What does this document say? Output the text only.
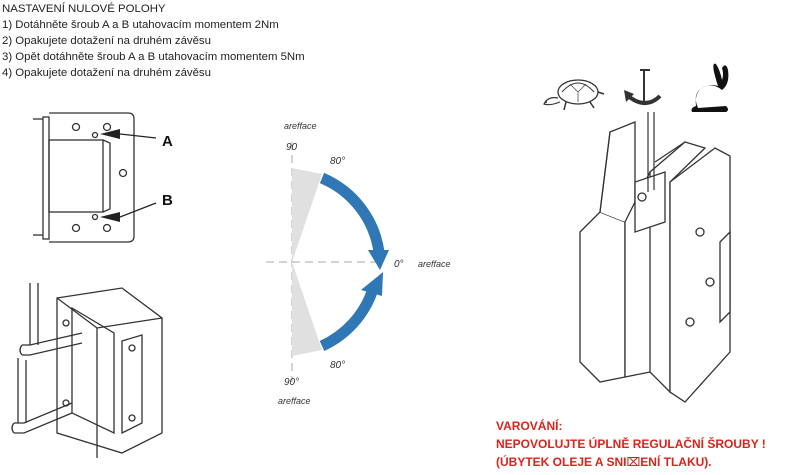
NASTAVENÍ NULOVÉ POLOHY
1) Dotáhněte šroub A a B utahovacím momentem 2Nm
2) Opakujete dotažení na druhém závěsu
3) Opět dotáhněte šroub A a B utahovacím momentem 5Nm
4) Opakujete dotažení na druhém závěsu
A
B
arefface
90
80°
0° arefface
80°
90°
arefface
VAROVÁNÍ:
NEPOVOLUJTE ÚPLNĚ REGULAČNÍ ŠROUBY !
(ÚBYTEK OLEJE A SNI⌧ENÍ TLAKU).
